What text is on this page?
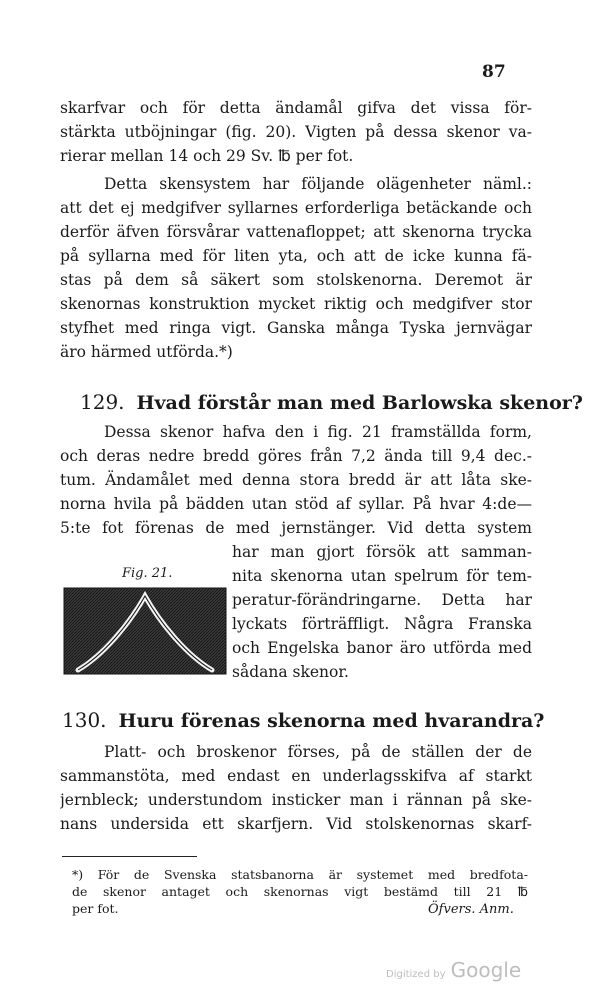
87
skarfvar och för detta ändamål gifva det vissa för-
stärkta utböjningar (fig. 20). Vigten på dessa skenor va-
rierar mellan 14 och 29 Sv. ℔ per fot.
Detta skensystem har följande olägenheter näml.:
att det ej medgifver syllarnes erforderliga betäckande och
derför äfven försvårar vattenafloppet; att skenorna trycka
på syllarna med för liten yta, och att de icke kunna fä-
stas på dem så säkert som stolskenorna. Deremot är
skenornas konstruktion mycket riktig och medgifver stor
styfhet med ringa vigt. Ganska många Tyska jernvägar
äro härmed utförda.*)
129. Hvad förstår man med Barlowska skenor?
Dessa skenor hafva den i fig. 21 framställda form,
och deras nedre bredd göres från 7,2 ända till 9,4 dec.-
tum. Ändamålet med denna stora bredd är att låta ske-
norna hvila på bädden utan stöd af syllar. På hvar 4:de—
5:te fot förenas de med jernstänger. Vid detta system
Fig. 21.
har man gjort försök att samman-
nita skenorna utan spelrum för tem-
peratur-förändringarne. Detta har
lyckats förträffligt. Några Franska
och Engelska banor äro utförda med
sådana skenor.
130. Huru förenas skenorna med hvarandra?
Platt- och broskenor förses, på de ställen der de
sammanstöta, med endast en underlagsskifva af starkt
jernbleck; understundom insticker man i rännan på ske-
nans undersida ett skarfjern. Vid stolskenornas skarf-
*) För de Svenska statsbanorna är systemet med bredfota-
de skenor antaget och skenornas vigt bestämd till 21 ℔
per fot.	Öfvers. Anm.
Digitized by Google
